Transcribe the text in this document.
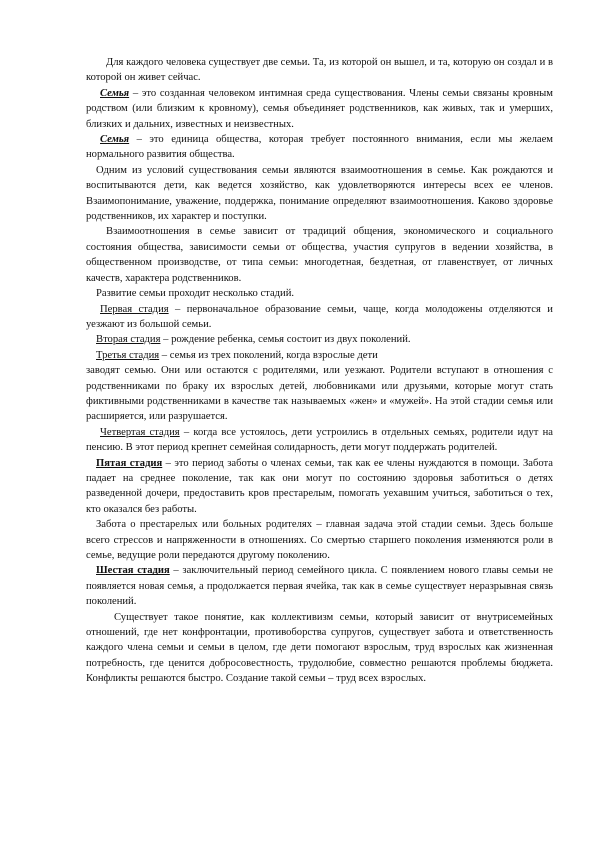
Для каждого человека существует две семьи. Та, из которой он вышел, и та, которую он создал и в которой он живет сейчас.

Семья – это созданная человеком интимная среда существования. Члены семьи связаны кровным родством (или близким к кровному), семья объединяет родственников, как живых, так и умерших, близких и дальних, известных и неизвестных.

Семья – это единица общества, которая требует постоянного внимания, если мы желаем нормального развития общества.

Одним из условий существования семьи являются взаимоотношения в семье. Как рождаются и воспитываются дети, как ведется хозяйство, как удовлетворяются интересы всех ее членов. Взаимопонимание, уважение, поддержка, понимание определяют взаимоотношения. Каково здоровье родственников, их характер и поступки.

Взаимоотношения в семье зависит от традиций общения, экономического и социального состояния общества, зависимости семьи от общества, участия супругов в ведении хозяйства, в общественном производстве, от типа семьи: многодетная, бездетная, от главенствует, от личных качеств, характера родственников.

Развитие семьи проходит несколько стадий.

Первая стадия – первоначальное образование семьи, чаще, когда молодожены отделяются и уезжают из большой семьи.

Вторая стадия – рождение ребенка, семья состоит из двух поколений.

Третья стадия – семья из трех поколений, когда взрослые дети

заводят семью. Они или остаются с родителями, или уезжают. Родители вступают в отношения с родственниками по браку их взрослых детей, любовниками или друзьями, которые могут стать фиктивными родственниками в качестве так называемых «жен» и «мужей». На этой стадии семья или расширяется, или разрушается.

Четвертая стадия – когда все устоялось, дети устроились в отдельных семьях, родители идут на пенсию. В этот период крепнет семейная солидарность, дети могут поддержать родителей.

Пятая стадия – это период заботы о членах семьи, так как ее члены нуждаются в помощи. Забота падает на среднее поколение, так как они могут по состоянию здоровья заботиться о детях разведенной дочери, предоставить кров престарелым, помогать уехавшим учиться, заботиться о тех, кто оказался без работы.

Забота о престарелых или больных родителях – главная задача этой стадии семьи. Здесь больше всего стрессов и напряженности в отношениях. Со смертью старшего поколения изменяются роли в семье, ведущие роли передаются другому поколению.

Шестая стадия – заключительный период семейного цикла. С появлением нового главы семьи не появляется новая семья, а продолжается первая ячейка, так как в семье существует неразрывная связь поколений.

Существует такое понятие, как коллективизм семьи, который зависит от внутрисемейных отношений, где нет конфронтации, противоборства супругов, существует забота и ответственность каждого члена семьи и семьи в целом, где дети помогают взрослым, труд взрослых как жизненная потребность, где ценится добросовестность, трудолюбие, совместно решаются проблемы бюджета. Конфликты решаются быстро. Создание такой семьи – труд всех взрослых.
